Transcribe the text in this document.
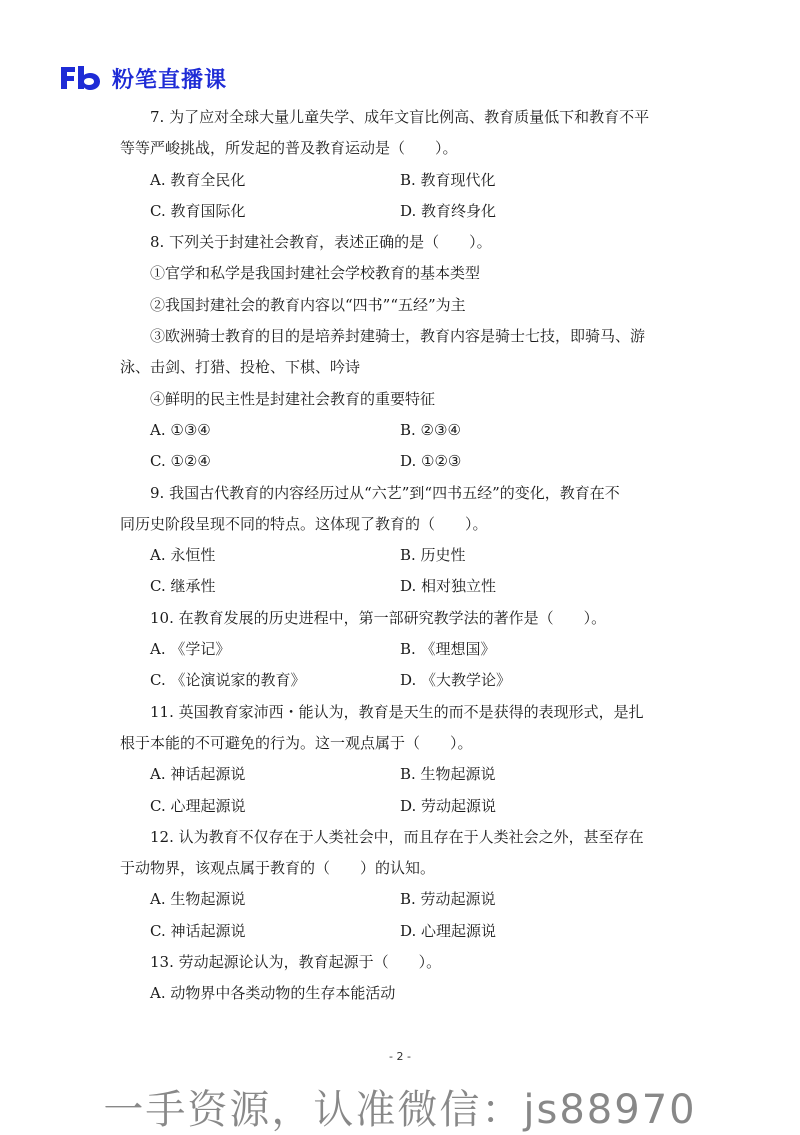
粉笔直播课
7. 为了应对全球大量儿童失学、成年文盲比例高、教育质量低下和教育不平
等等严峻挑战，所发起的普及教育运动是（　　）。
A. 教育全民化	B. 教育现代化
C. 教育国际化	D. 教育终身化
8. 下列关于封建社会教育，表述正确的是（　　）。
①官学和私学是我国封建社会学校教育的基本类型
②我国封建社会的教育内容以“四书”“五经”为主
③欧洲骑士教育的目的是培养封建骑士，教育内容是骑士七技，即骑马、游
泳、击剑、打猎、投枪、下棋、吟诗
④鲜明的民主性是封建社会教育的重要特征
A. ①③④	B. ②③④
C. ①②④	D. ①②③
9. 我国古代教育的内容经历过从“六艺”到“四书五经”的变化，教育在不
同历史阶段呈现不同的特点。这体现了教育的（　　）。
A. 永恒性	B. 历史性
C. 继承性	D. 相对独立性
10. 在教育发展的历史进程中，第一部研究教学法的著作是（　　）。
A. 《学记》	B. 《理想国》
C. 《论演说家的教育》	D. 《大教学论》
11. 英国教育家沛西・能认为，教育是天生的而不是获得的表现形式，是扎
根于本能的不可避免的行为。这一观点属于（　　）。
A. 神话起源说	B. 生物起源说
C. 心理起源说	D. 劳动起源说
12. 认为教育不仅存在于人类社会中，而且存在于人类社会之外，甚至存在
于动物界，该观点属于教育的（　　）的认知。
A. 生物起源说	B. 劳动起源说
C. 神话起源说	D. 心理起源说
13. 劳动起源论认为，教育起源于（　　）。
A. 动物界中各类动物的生存本能活动
- 2 -
一手资源，认准微信：js88970
